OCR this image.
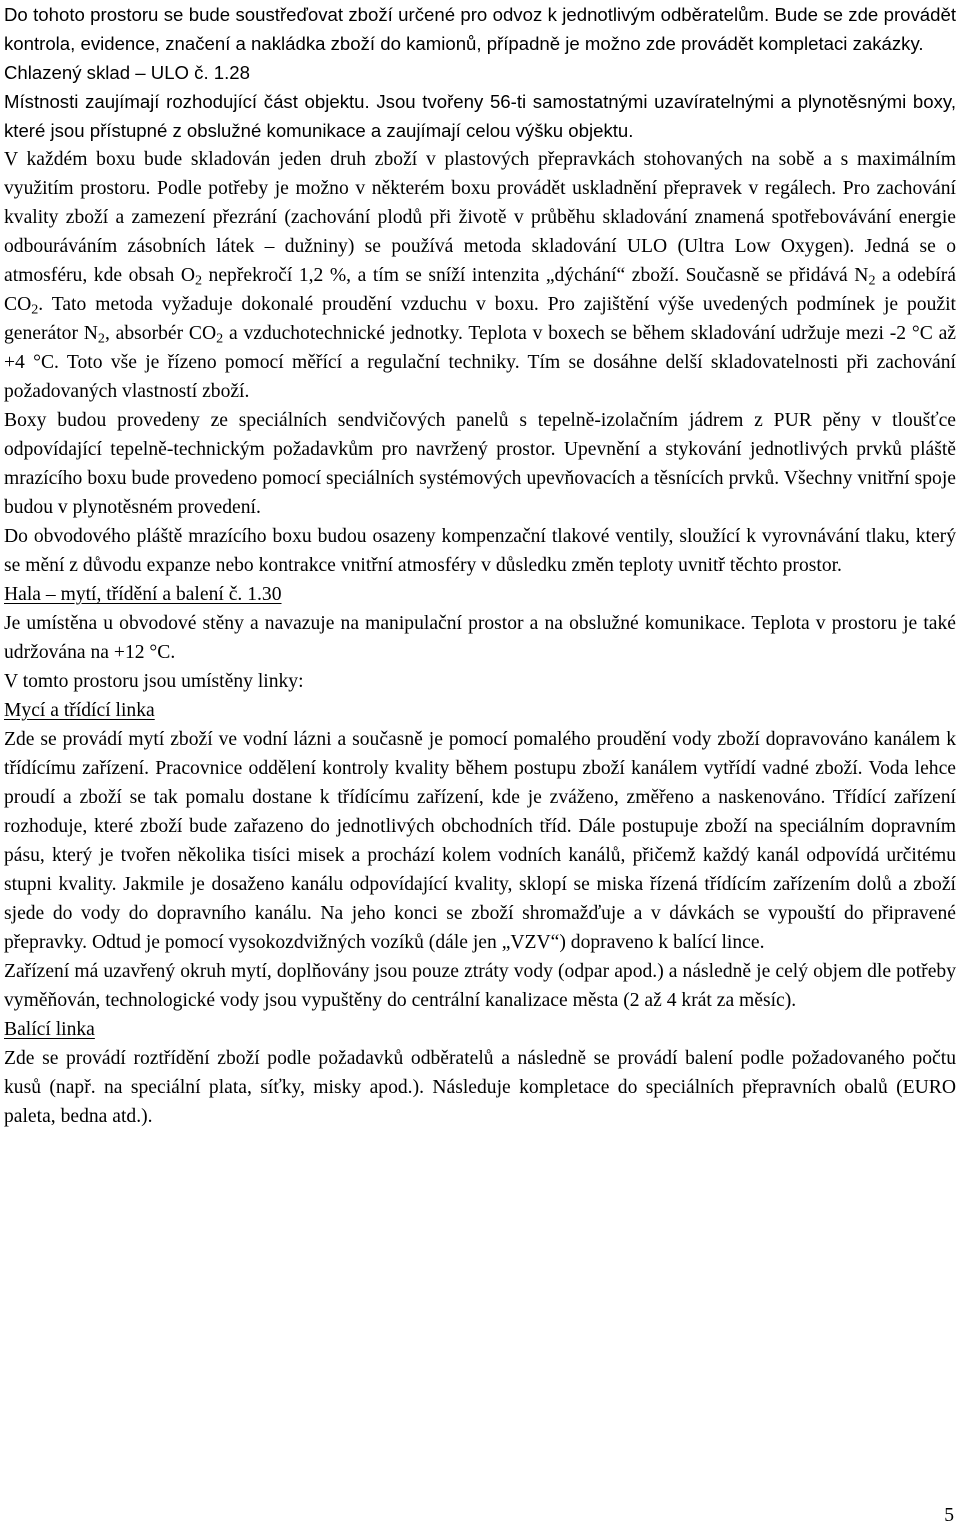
Do tohoto prostoru se bude soustřeďovat zboží určené pro odvoz k jednotlivým odběratelům. Bude se zde provádět kontrola, evidence, značení a nakládka zboží do kamionů, případně je možno zde provádět kompletaci zakázky.

Chlazený sklad – ULO č. 1.28

Místnosti zaujímají rozhodující část objektu. Jsou tvořeny 56-ti samostatnými uzavíratelnými a plynotěsnými boxy, které jsou přístupné z obslužné komunikace a zaujímají celou výšku objektu.

V každém boxu bude skladován jeden druh zboží v plastových přepravkách stohovaných na sobě a s maximálním využitím prostoru. Podle potřeby je možno v některém boxu provádět uskladnění přepravek v regálech. Pro zachování kvality zboží a zamezení přezrání (zachování plodů při životě v průběhu skladování znamená spotřebovávání energie odbouráváním zásobních látek – dužniny) se používá metoda skladování ULO (Ultra Low Oxygen). Jedná se o atmosféru, kde obsah $O_2$ nepřekročí 1,2 %, a tím se sníží intenzita „dýchání“ zboží. Současně se přidává $N_2$ a odebírá $CO_2$. Tato metoda vyžaduje dokonalé proudění vzduchu v boxu. Pro zajištění výše uvedených podmínek je použit generátor $N_2$, absorbér $CO_2$ a vzduchotechnické jednotky. Teplota v boxech se během skladování udržuje mezi -2 °C až +4 °C. Toto vše je řízeno pomocí měřící a regulační techniky. Tím se dosáhne delší skladovatelnosti při zachování požadovaných vlastností zboží.

Boxy budou provedeny ze speciálních sendvičových panelů s tepelně-izolačním jádrem z PUR pěny v tloušťce odpovídající tepelně-technickým požadavkům pro navržený prostor. Upevnění a stykování jednotlivých prvků pláště mrazícího boxu bude provedeno pomocí speciálních systémových upevňovacích a těsnících prvků. Všechny vnitřní spoje budou v plynotěsném provedení.

Do obvodového pláště mrazícího boxu budou osazeny kompenzační tlakové ventily, sloužící k vyrovnávání tlaku, který se mění z důvodu expanze nebo kontrakce vnitřní atmosféry v důsledku změn teploty uvnitř těchto prostor.

Hala – mytí, třídění a balení č. 1.30

Je umístěna u obvodové stěny a navazuje na manipulační prostor a na obslužné komunikace. Teplota v prostoru je také udržována na +12 °C.

V tomto prostoru jsou umístěny linky:

Mycí a třídící linka

Zde se provádí mytí zboží ve vodní lázni a současně je pomocí pomalého proudění vody zboží dopravováno kanálem k třídícímu zařízení. Pracovnice oddělení kontroly kvality během postupu zboží kanálem vytřídí vadné zboží. Voda lehce proudí a zboží se tak pomalu dostane k třídícímu zařízení, kde je zváženo, změřeno a naskenováno. Třídící zařízení rozhoduje, které zboží bude zařazeno do jednotlivých obchodních tříd. Dále postupuje zboží na speciálním dopravním pásu, který je tvořen několika tisíci misek a prochází kolem vodních kanálů, přičemž každý kanál odpovídá určitému stupni kvality. Jakmile je dosaženo kanálu odpovídající kvality, sklopí se miska řízená třídícím zařízením dolů a zboží sjede do vody do dopravního kanálu. Na jeho konci se zboží shromažďuje a v dávkách se vypouští do připravené přepravky. Odtud je pomocí vysokozdvižných vozíků (dále jen „VZV“) dopraveno k balící lince.

Zařízení má uzavřený okruh mytí, doplňovány jsou pouze ztráty vody (odpar apod.) a následně je celý objem dle potřeby vyměňován, technologické vody jsou vypuštěny do centrální kanalizace města (2 až 4 krát za měsíc).

Balící linka

Zde se provádí roztřídění zboží podle požadavků odběratelů a následně se provádí balení podle požadovaného počtu kusů (např. na speciální plata, síťky, misky apod.). Následuje kompletace do speciálních přepravních obalů (EURO paleta, bedna atd.).

5
